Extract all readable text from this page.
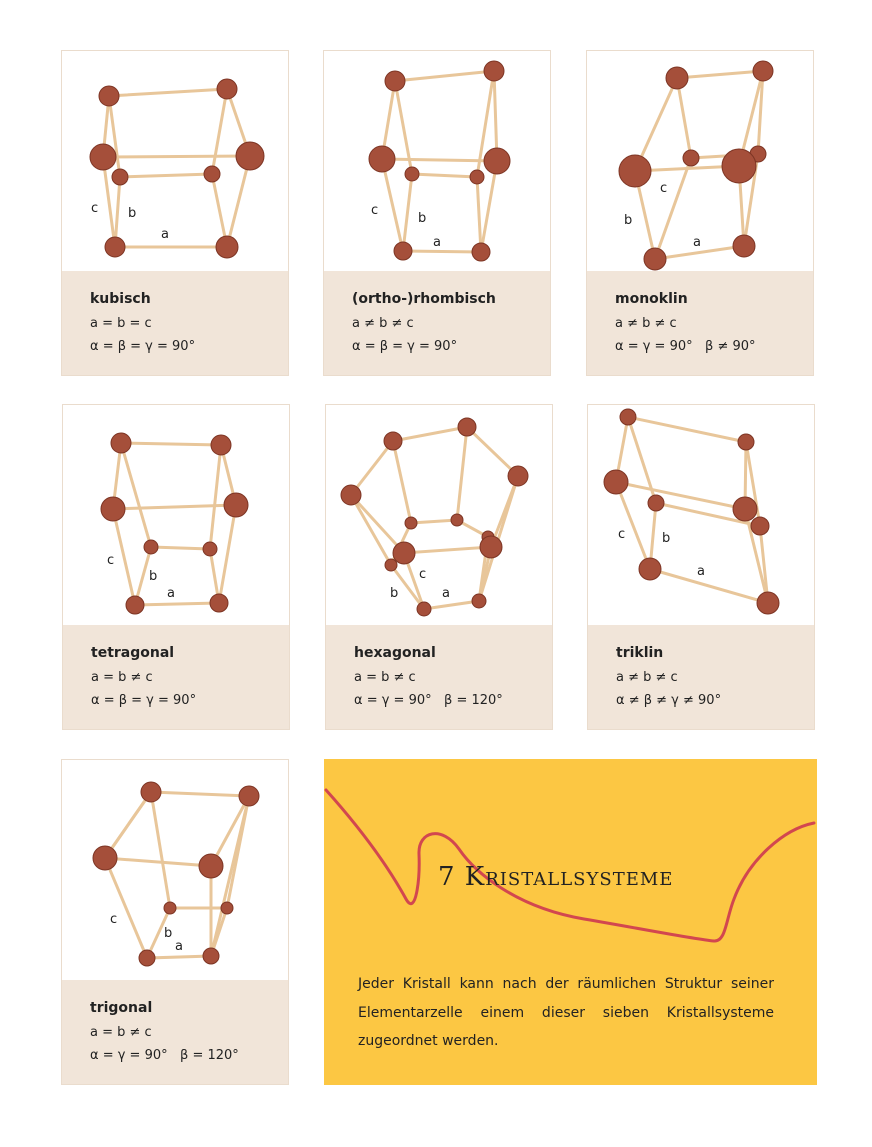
c b
a
kubisch
a = b = c
α = β = γ = 90°
c
b
a
(ortho-)rhombisch
a ≠ b ≠ c
α = β = γ = 90°
c
b
a
monoklin
a ≠ b ≠ c
α = γ = 90°   β ≠ 90°
c
b
a
tetragonal
a = b ≠ c
α = β = γ = 90°
c
b	a
hexagonal
a = b ≠ c
α = γ = 90°   β = 120°
c	b
a
triklin
a ≠ b ≠ c
α ≠ β ≠ γ ≠ 90°
c
b
a
trigonal
a = b ≠ c
α = γ = 90°   β = 120°
7 Kristallsysteme
Jeder Kristall kann nach der räumlichen Struktur seiner Elementarzelle einem dieser sieben Kristallsysteme zugeordnet werden.
